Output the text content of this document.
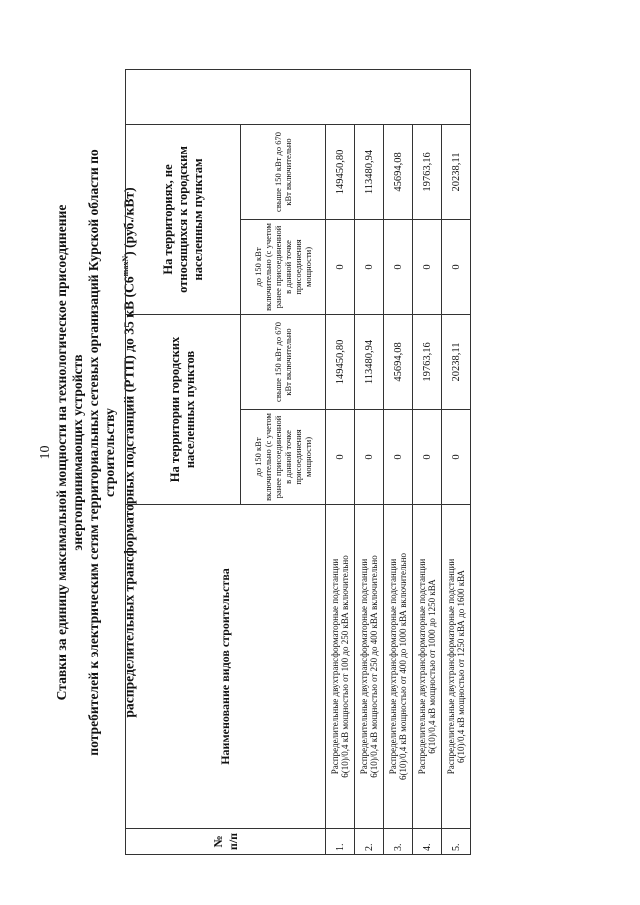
10 Ставки за единицу максимальной мощности на технологическое присоединение энергопринимающих устройств потребителей к электрическим сетям территориальных сетевых организаций Курской области по строительству распределительных трансформаторных подстанций (РТП) до 35 кВ $(С6^{maxN})$ (руб./кВт)
№ п/п	Наименование видов строительства	На территории городских населенных пунктов		На территориях, не относящихся к городским населенным пунктам		
		до 150 кВт включительно (с учетом ранее присоединенной в данной точке присоединения мощности)	свыше 150 кВт до 670 кВт включительно	до 150 кВт включительно (с учетом ранее присоединенной в данной точке присоединения мощности)	свыше 150 кВт до 670 кВт включительно	
1.	Распределительные двухтрансформаторные подстанции 6(10)/0,4 кВ мощностью от 100 до 250 кВА включительно	0	149450,80	0	149450,80	
2.	Распределительные двухтрансформаторные подстанции 6(10)/0,4 кВ мощностью от 250 до 400 кВА включительно	0	113480,94	0	113480,94	
3.	Распределительные двухтрансформаторные подстанции 6(10)/0,4 кВ мощностью от 400 до 1000 кВА включительно	0	45694,08	0	45694,08	
4.	Распределительные двухтрансформаторные подстанции 6(10)/0,4 кВ мощностью от 1000 до 1250 кВА	0	19763,16	0	19763,16	
5.	Распределительные двухтрансформаторные подстанции 6(10)/0,4 кВ мощностью от 1250 кВА до 1600 кВА	0	20238,11	0	20238,11	
